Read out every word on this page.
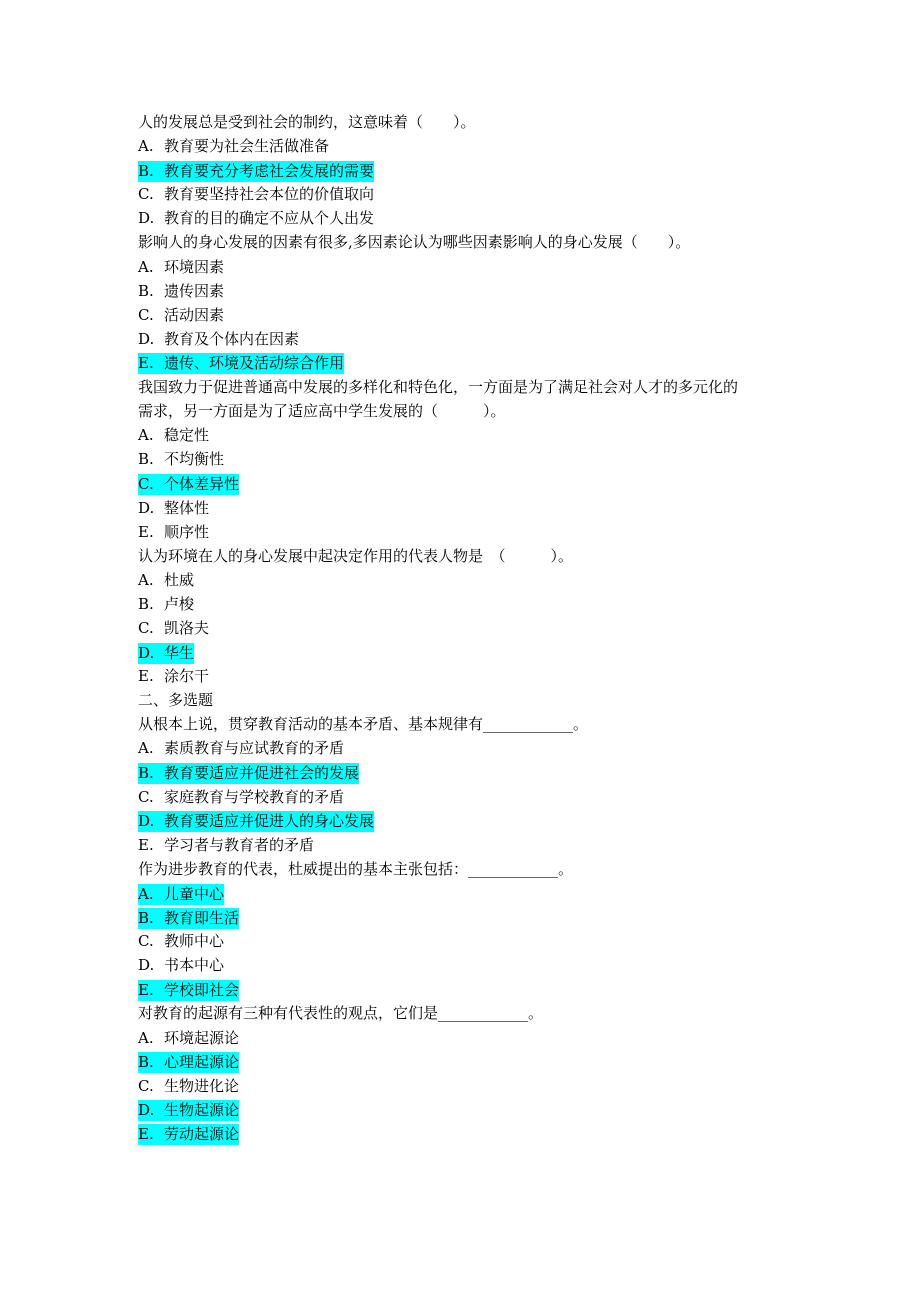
人的发展总是受到社会的制约，这意味着（　　）。
A. 教育要为社会生活做准备
B. 教育要充分考虑社会发展的需要
C. 教育要坚持社会本位的价值取向
D. 教育的目的确定不应从个人出发
影响人的身心发展的因素有很多,多因素论认为哪些因素影响人的身心发展（　　）。
A. 环境因素
B. 遗传因素
C. 活动因素
D. 教育及个体内在因素
E. 遗传、环境及活动综合作用
我国致力于促进普通高中发展的多样化和特色化，一方面是为了满足社会对人才的多元化的
需求，另一方面是为了适应高中学生发展的（　　　）。
A. 稳定性
B. 不均衡性
C. 个体差异性
D. 整体性
E. 顺序性
认为环境在人的身心发展中起决定作用的代表人物是　（　　　）。
A. 杜威
B. 卢梭
C. 凯洛夫
D. 华生
E. 涂尔干
二、多选题
从根本上说，贯穿教育活动的基本矛盾、基本规律有____________。
A. 素质教育与应试教育的矛盾
B. 教育要适应并促进社会的发展
C. 家庭教育与学校教育的矛盾
D. 教育要适应并促进人的身心发展
E. 学习者与教育者的矛盾
作为进步教育的代表，杜威提出的基本主张包括：____________。
A. 儿童中心
B. 教育即生活
C. 教师中心
D. 书本中心
E. 学校即社会
对教育的起源有三种有代表性的观点，它们是____________。
A. 环境起源论
B. 心理起源论
C. 生物进化论
D. 生物起源论
E. 劳动起源论
